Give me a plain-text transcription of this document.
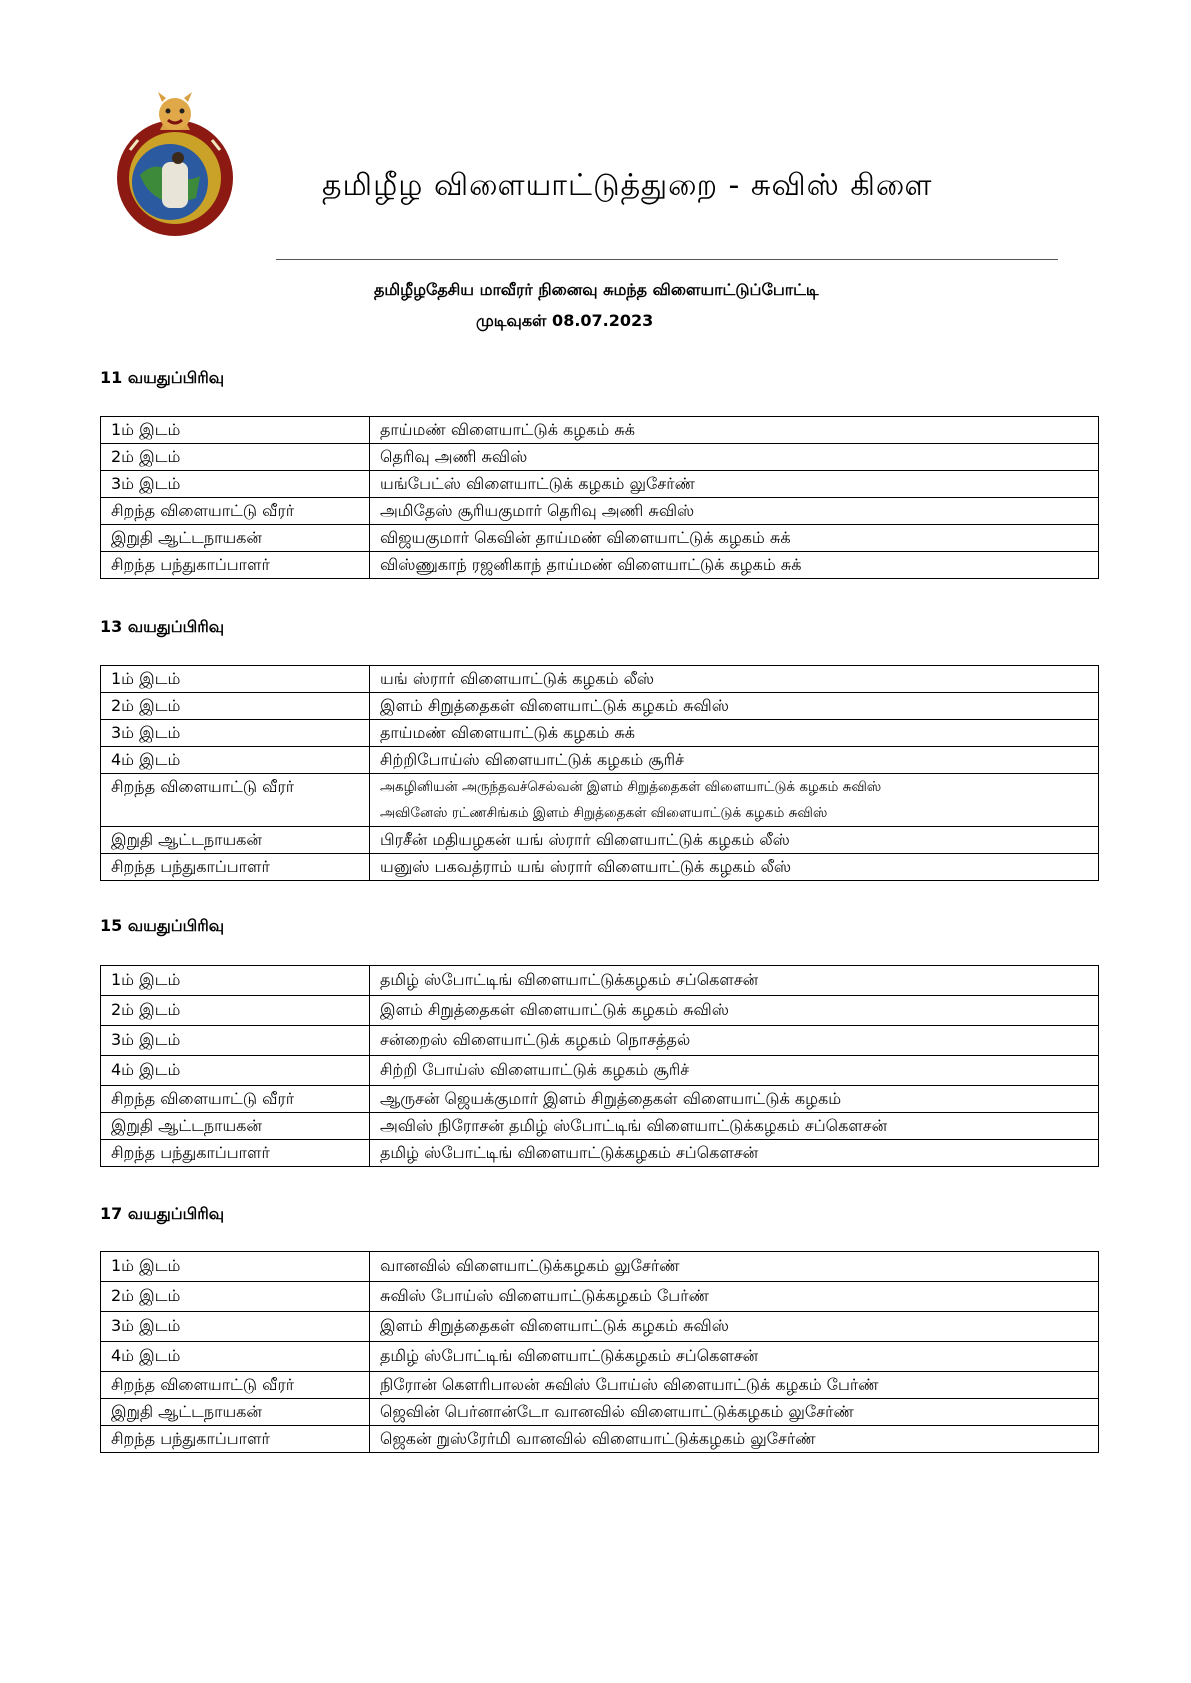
தமிழீழ விளையாட்டுத்துறை - சுவிஸ் கிளை
தமிழீழதேசிய மாவீரர் நினைவு சுமந்த விளையாட்டுப்போட்டி
முடிவுகள் 08.07.2023
11 வயதுப்பிரிவு
1ம் இடம்	தாய்மண் விளையாட்டுக் கழகம் சுக்
2ம் இடம்	தெரிவு அணி சுவிஸ்
3ம் இடம்	யங்பேட்ஸ் விளையாட்டுக் கழகம் லுசேர்ண்
சிறந்த விளையாட்டு வீரர்	அமிதேஸ் சூரியகுமார் தெரிவு அணி சுவிஸ்
இறுதி ஆட்டநாயகன்	விஜயகுமார் கெவின் தாய்மண் விளையாட்டுக் கழகம் சுக்
சிறந்த பந்துகாப்பாளர்	விஸ்ணுகாந் ரஜனிகாந் தாய்மண் விளையாட்டுக் கழகம் சுக்
13 வயதுப்பிரிவு
1ம் இடம்	யங் ஸ்ரார் விளையாட்டுக் கழகம் லீஸ்
2ம் இடம்	இளம் சிறுத்தைகள் விளையாட்டுக் கழகம் சுவிஸ்
3ம் இடம்	தாய்மண் விளையாட்டுக் கழகம் சுக்
4ம் இடம்	சிற்றிபோய்ஸ் விளையாட்டுக் கழகம் சூரிச்
சிறந்த விளையாட்டு வீரர்	அகழினியன் அருந்தவச்செல்வன் இளம் சிறுத்தைகள் விளையாட்டுக் கழகம் சுவிஸ்
அவினேஸ் ரட்ணசிங்கம் இளம் சிறுத்தைகள் விளையாட்டுக் கழகம் சுவிஸ்

இறுதி ஆட்டநாயகன்	பிரசீன் மதியழகன் யங் ஸ்ரார் விளையாட்டுக் கழகம் லீஸ்
சிறந்த பந்துகாப்பாளர்	யனுஸ் பகவத்ராம் யங் ஸ்ரார் விளையாட்டுக் கழகம் லீஸ்
15 வயதுப்பிரிவு
1ம் இடம்	தமிழ் ஸ்போட்டிங் விளையாட்டுக்கழகம் சப்கௌசன்
2ம் இடம்	இளம் சிறுத்தைகள் விளையாட்டுக் கழகம் சுவிஸ்
3ம் இடம்	சன்றைஸ் விளையாட்டுக் கழகம் நொசத்தல்
4ம் இடம்	சிற்றி போய்ஸ் விளையாட்டுக் கழகம் சூரிச்
சிறந்த விளையாட்டு வீரர்	ஆருசன் ஜெயக்குமார் இளம் சிறுத்தைகள் விளையாட்டுக் கழகம்
இறுதி ஆட்டநாயகன்	அவிஸ் நிரோசன் தமிழ் ஸ்போட்டிங் விளையாட்டுக்கழகம் சப்கௌசன்
சிறந்த பந்துகாப்பாளர்	தமிழ் ஸ்போட்டிங் விளையாட்டுக்கழகம் சப்கௌசன்
17 வயதுப்பிரிவு
1ம் இடம்	வானவில் விளையாட்டுக்கழகம் லுசேர்ண்
2ம் இடம்	சுவிஸ் போய்ஸ் விளையாட்டுக்கழகம் பேர்ண்
3ம் இடம்	இளம் சிறுத்தைகள் விளையாட்டுக் கழகம் சுவிஸ்
4ம் இடம்	தமிழ் ஸ்போட்டிங் விளையாட்டுக்கழகம் சப்கௌசன்
சிறந்த விளையாட்டு வீரர்	நிரோன் கௌரிபாலன் சுவிஸ் போய்ஸ் விளையாட்டுக் கழகம் பேர்ண்
இறுதி ஆட்டநாயகன்	ஜெவின் பெர்னான்டோ வானவில் விளையாட்டுக்கழகம் லுசேர்ண்
சிறந்த பந்துகாப்பாளர்	ஜெகன் றுஸ்ரேர்மி வானவில் விளையாட்டுக்கழகம் லுசேர்ண்
